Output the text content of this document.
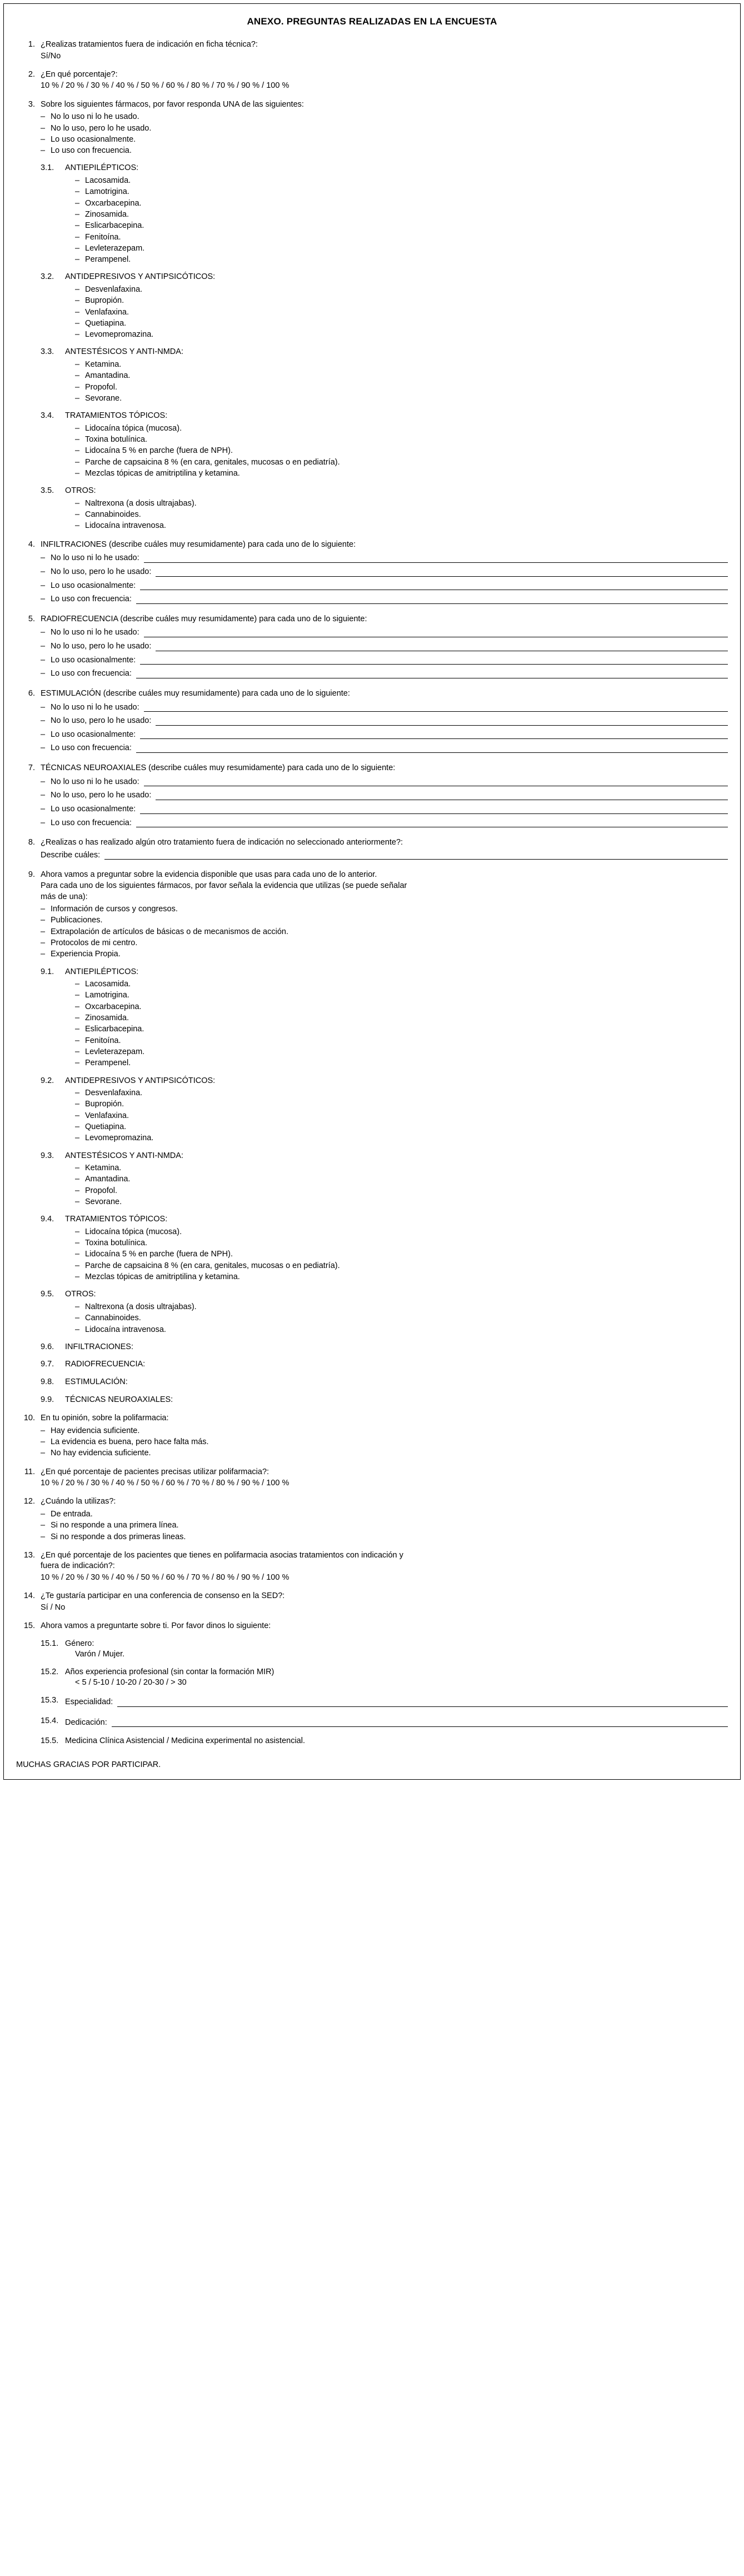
ANEXO. PREGUNTAS REALIZADAS EN LA ENCUESTA
1. ¿Realizas tratamientos fuera de indicación en ficha técnica?:
Sí/No
2. ¿En qué porcentaje?:
10 % / 20 % / 30 % / 40 % / 50 % / 60 % / 80 % / 70 % / 90 % / 100 %
3. Sobre los siguientes fármacos, por favor responda UNA de las siguientes:
– No lo uso ni lo he usado.
– No lo uso, pero lo he usado.
– Lo uso ocasionalmente.
– Lo uso con frecuencia.
3.1.	ANTIEPILÉPTICOS:
– Lacosamida.
– Lamotrigina.
– Oxcarbacepina.
– Zinosamida.
– Eslicarbacepina.
– Fenitoína.
– Levleterazepam.
– Perampenel.
3.2.	ANTIDEPRESIVOS Y ANTIPSICÓTICOS:
– Desvenlafaxina.
– Bupropión.
– Venlafaxina.
– Quetiapina.
– Levomepromazina.
3.3.	ANTESTÉSICOS Y ANTI-NMDA:
– Ketamina.
– Amantadina.
– Propofol.
– Sevorane.
3.4.	TRATAMIENTOS TÓPICOS:
– Lidocaína tópica (mucosa).
– Toxina botulínica.
– Lidocaína 5 % en parche (fuera de NPH).
– Parche de capsaicina 8 % (en cara, genitales, mucosas o en pediatría).
– Mezclas tópicas de amitriptilina y ketamina.
3.5.	OTROS:
– Naltrexona (a dosis ultrajabas).
– Cannabinoides.
– Lidocaína intravenosa.
4. INFILTRACIONES (describe cuáles muy resumidamente) para cada uno de lo siguiente:
– No lo uso ni lo he usado:
– No lo uso, pero lo he usado:
– Lo uso ocasionalmente:
– Lo uso con frecuencia:
5. RADIOFRECUENCIA (describe cuáles muy resumidamente) para cada uno de lo siguiente:
– No lo uso ni lo he usado:
– No lo uso, pero lo he usado:
– Lo uso ocasionalmente:
– Lo uso con frecuencia:
6. ESTIMULACIÓN (describe cuáles muy resumidamente) para cada uno de lo siguiente:
– No lo uso ni lo he usado:
– No lo uso, pero lo he usado:
– Lo uso ocasionalmente:
– Lo uso con frecuencia:
7. TÉCNICAS NEUROAXIALES (describe cuáles muy resumidamente) para cada uno de lo siguiente:
– No lo uso ni lo he usado:
– No lo uso, pero lo he usado:
– Lo uso ocasionalmente:
– Lo uso con frecuencia:
8. ¿Realizas o has realizado algún otro tratamiento fuera de indicación no seleccionado anteriormente?:
Describe cuáles:
9. Ahora vamos a preguntar sobre la evidencia disponible que usas para cada uno de lo anterior.
Para cada uno de los siguientes fármacos, por favor señala la evidencia que utilizas (se puede señalar
más de una):
– Información de cursos y congresos.
– Publicaciones.
– Extrapolación de artículos de básicas o de mecanismos de acción.
– Protocolos de mi centro.
– Experiencia Propia.
9.1.	ANTIEPILÉPTICOS:
– Lacosamida.
– Lamotrigina.
– Oxcarbacepina.
– Zinosamida.
– Eslicarbacepina.
– Fenitoína.
– Levleterazepam.
– Perampenel.
9.2.	ANTIDEPRESIVOS Y ANTIPSICÓTICOS:
– Desvenlafaxina.
– Bupropión.
– Venlafaxina.
– Quetiapina.
– Levomepromazina.
9.3.	ANTESTÉSICOS Y ANTI-NMDA:
– Ketamina.
– Amantadina.
– Propofol.
– Sevorane.
9.4.	TRATAMIENTOS TÓPICOS:
– Lidocaína tópica (mucosa).
– Toxina botulínica.
– Lidocaína 5 % en parche (fuera de NPH).
– Parche de capsaicina 8 % (en cara, genitales, mucosas o en pediatría).
– Mezclas tópicas de amitriptilina y ketamina.
9.5.	OTROS:
– Naltrexona (a dosis ultrajabas).
– Cannabinoides.
– Lidocaína intravenosa.
9.6.	INFILTRACIONES:
9.7.	RADIOFRECUENCIA:
9.8.	ESTIMULACIÓN:
9.9.	TÉCNICAS NEUROAXIALES:
10. En tu opinión, sobre la polifarmacia:
– Hay evidencia suficiente.
– La evidencia es buena, pero hace falta más.
– No hay evidencia suficiente.
11. ¿En qué porcentaje de pacientes precisas utilizar polifarmacia?:
10 % / 20 % / 30 % / 40 % / 50 % / 60 % / 70 % / 80 % / 90 % / 100 %
12. ¿Cuándo la utilizas?:
– De entrada.
– Si no responde a una primera línea.
– Si no responde a dos primeras lineas.
13. ¿En qué porcentaje de los pacientes que tienes en polifarmacia asocias tratamientos con indicación y
fuera de indicación?:
10 % / 20 % / 30 % / 40 % / 50 % / 60 % / 70 % / 80 % / 90 % / 100 %
14. ¿Te gustaría participar en una conferencia de consenso en la SED?:
Sí / No
15. Ahora vamos a preguntarte sobre ti. Por favor dinos lo siguiente:
15.1. Género:
Varón / Mujer.
15.2. Años experiencia profesional (sin contar la formación MIR)
< 5 / 5-10 / 10-20 / 20-30 / > 30
15.3. Especialidad:
15.4. Dedicación:
15.5. Medicina Clínica Asistencial / Medicina experimental no asistencial.
MUCHAS GRACIAS POR PARTICIPAR.
